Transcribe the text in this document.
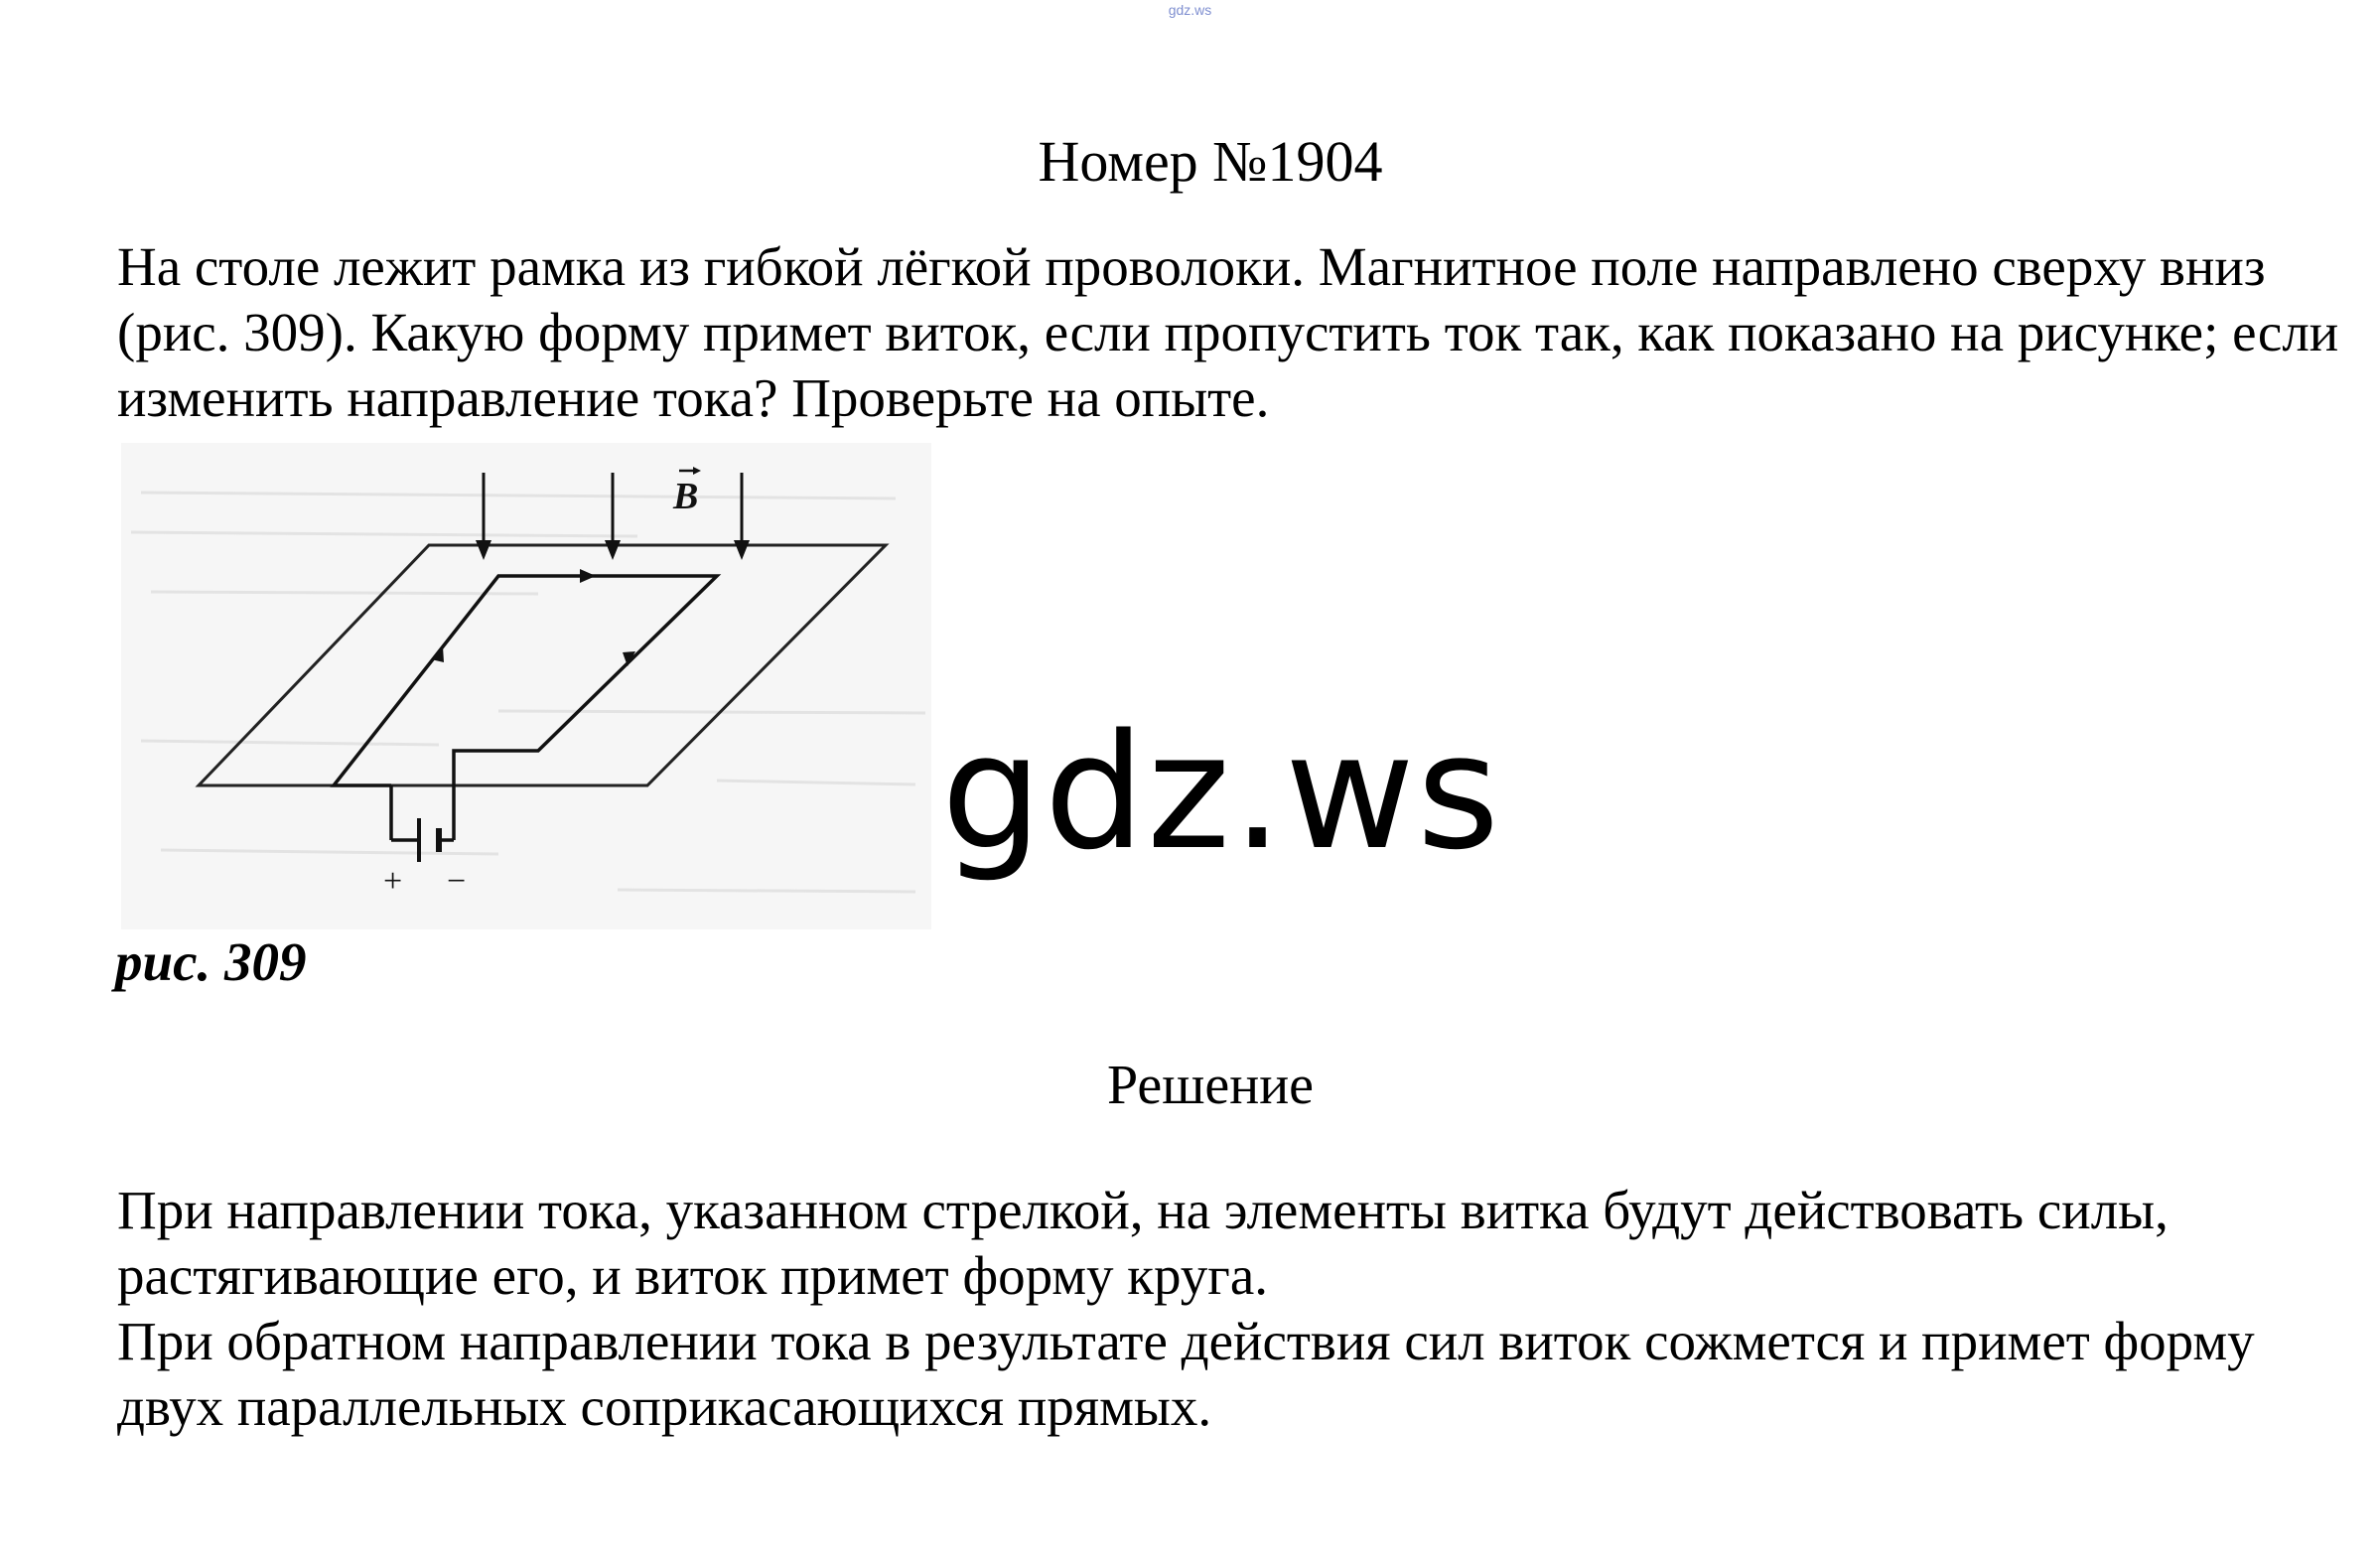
gdz.ws
Номер №1904

На столе лежит рамка из гибкой лёгкой проволоки. Магнитное поле направлено сверху вниз (рис. 309). Какую форму примет виток, если пропустить ток так, как показано на рисунке; если изменить направление тока? Проверьте на опыте.

+ −
B
рис. 309
gdz.ws
Решение

При направлении тока, указанном стрелкой, на элементы витка будут действовать силы, растягивающие его, и виток примет форму круга.

При обратном направлении тока в результате действия сил виток сожмется и примет форму двух параллельных соприкасающихся прямых.
